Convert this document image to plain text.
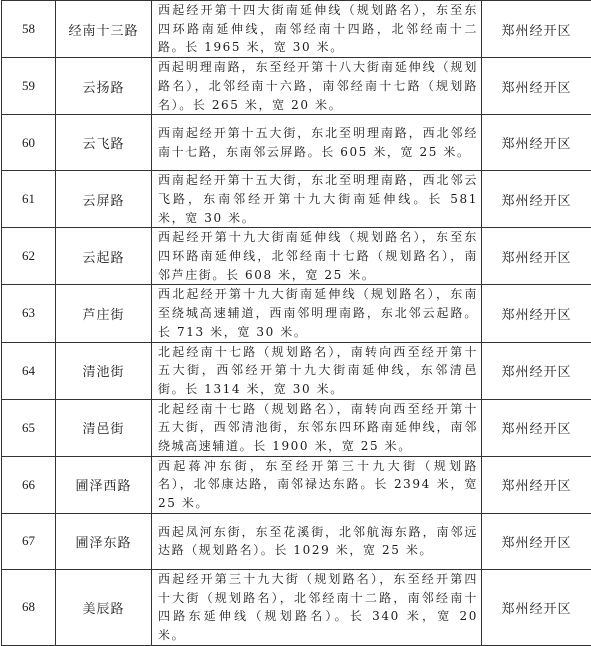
58	经南十三路	西起经开第十四大街南延伸线（规划路名），东至东四环路南延伸线，南邻经南十四路，北邻经南十二路。长 1965 米，宽 30 米。	郑州经开区
59	云扬路	西起明理南路，东至经开第十八大街南延伸线（规划路名），北邻经南十六路，南邻经南十七路（规划路名）。长 265 米，宽 20 米。	郑州经开区
60	云飞路	西南起经开第十五大街，东北至明理南路，西北邻经南十七路，东南邻云屏路。长 605 米，宽 25 米。	郑州经开区
61	云屏路	西南起经开第十五大街，东北至明理南路，西北邻云飞路，东南邻经开第十九大街南延伸线。长 581 米，宽 30 米。	郑州经开区
62	云起路	西起经开第十九大街南延伸线（规划路名），东至东四环路南延伸线，北邻经南十七路（规划路名），南邻芦庄街。长 608 米，宽 25 米。	郑州经开区
63	芦庄街	西北起经开第十九大街南延伸线（规划路名），东南至绕城高速辅道，西南邻明理南路，东北邻云起路。长 713 米，宽 30 米。	郑州经开区
64	清池街	北起经南十七路（规划路名），南转向西至经开第十五大街，西邻经开第十九大街南延伸线，东邻清邑街。长 1314 米，宽 30 米。	郑州经开区
65	清邑街	北起经南十七路（规划路名），南转向西至经开第十五大街，西邻清池街，东邻东四环路南延伸线，南邻绕城高速辅道。长 1900 米，宽 25 米。	郑州经开区
66	圃泽西路	西起蒋冲东街，东至经开第三十九大街（规划路名），北邻康达路，南邻禄达东路。长 2394 米，宽 25 米。	郑州经开区
67	圃泽东路	西起凤河东街，东至花溪街，北邻航海东路，南邻远达路（规划路名）。长 1029 米，宽 25 米。	郑州经开区
68	美辰路	西起经开第三十九大街（规划路名），东至经开第四十大街（规划路名），北邻经南十二路，南邻经南十四路东延伸线（规划路名）。长 340 米，宽 20 米。	郑州经开区
